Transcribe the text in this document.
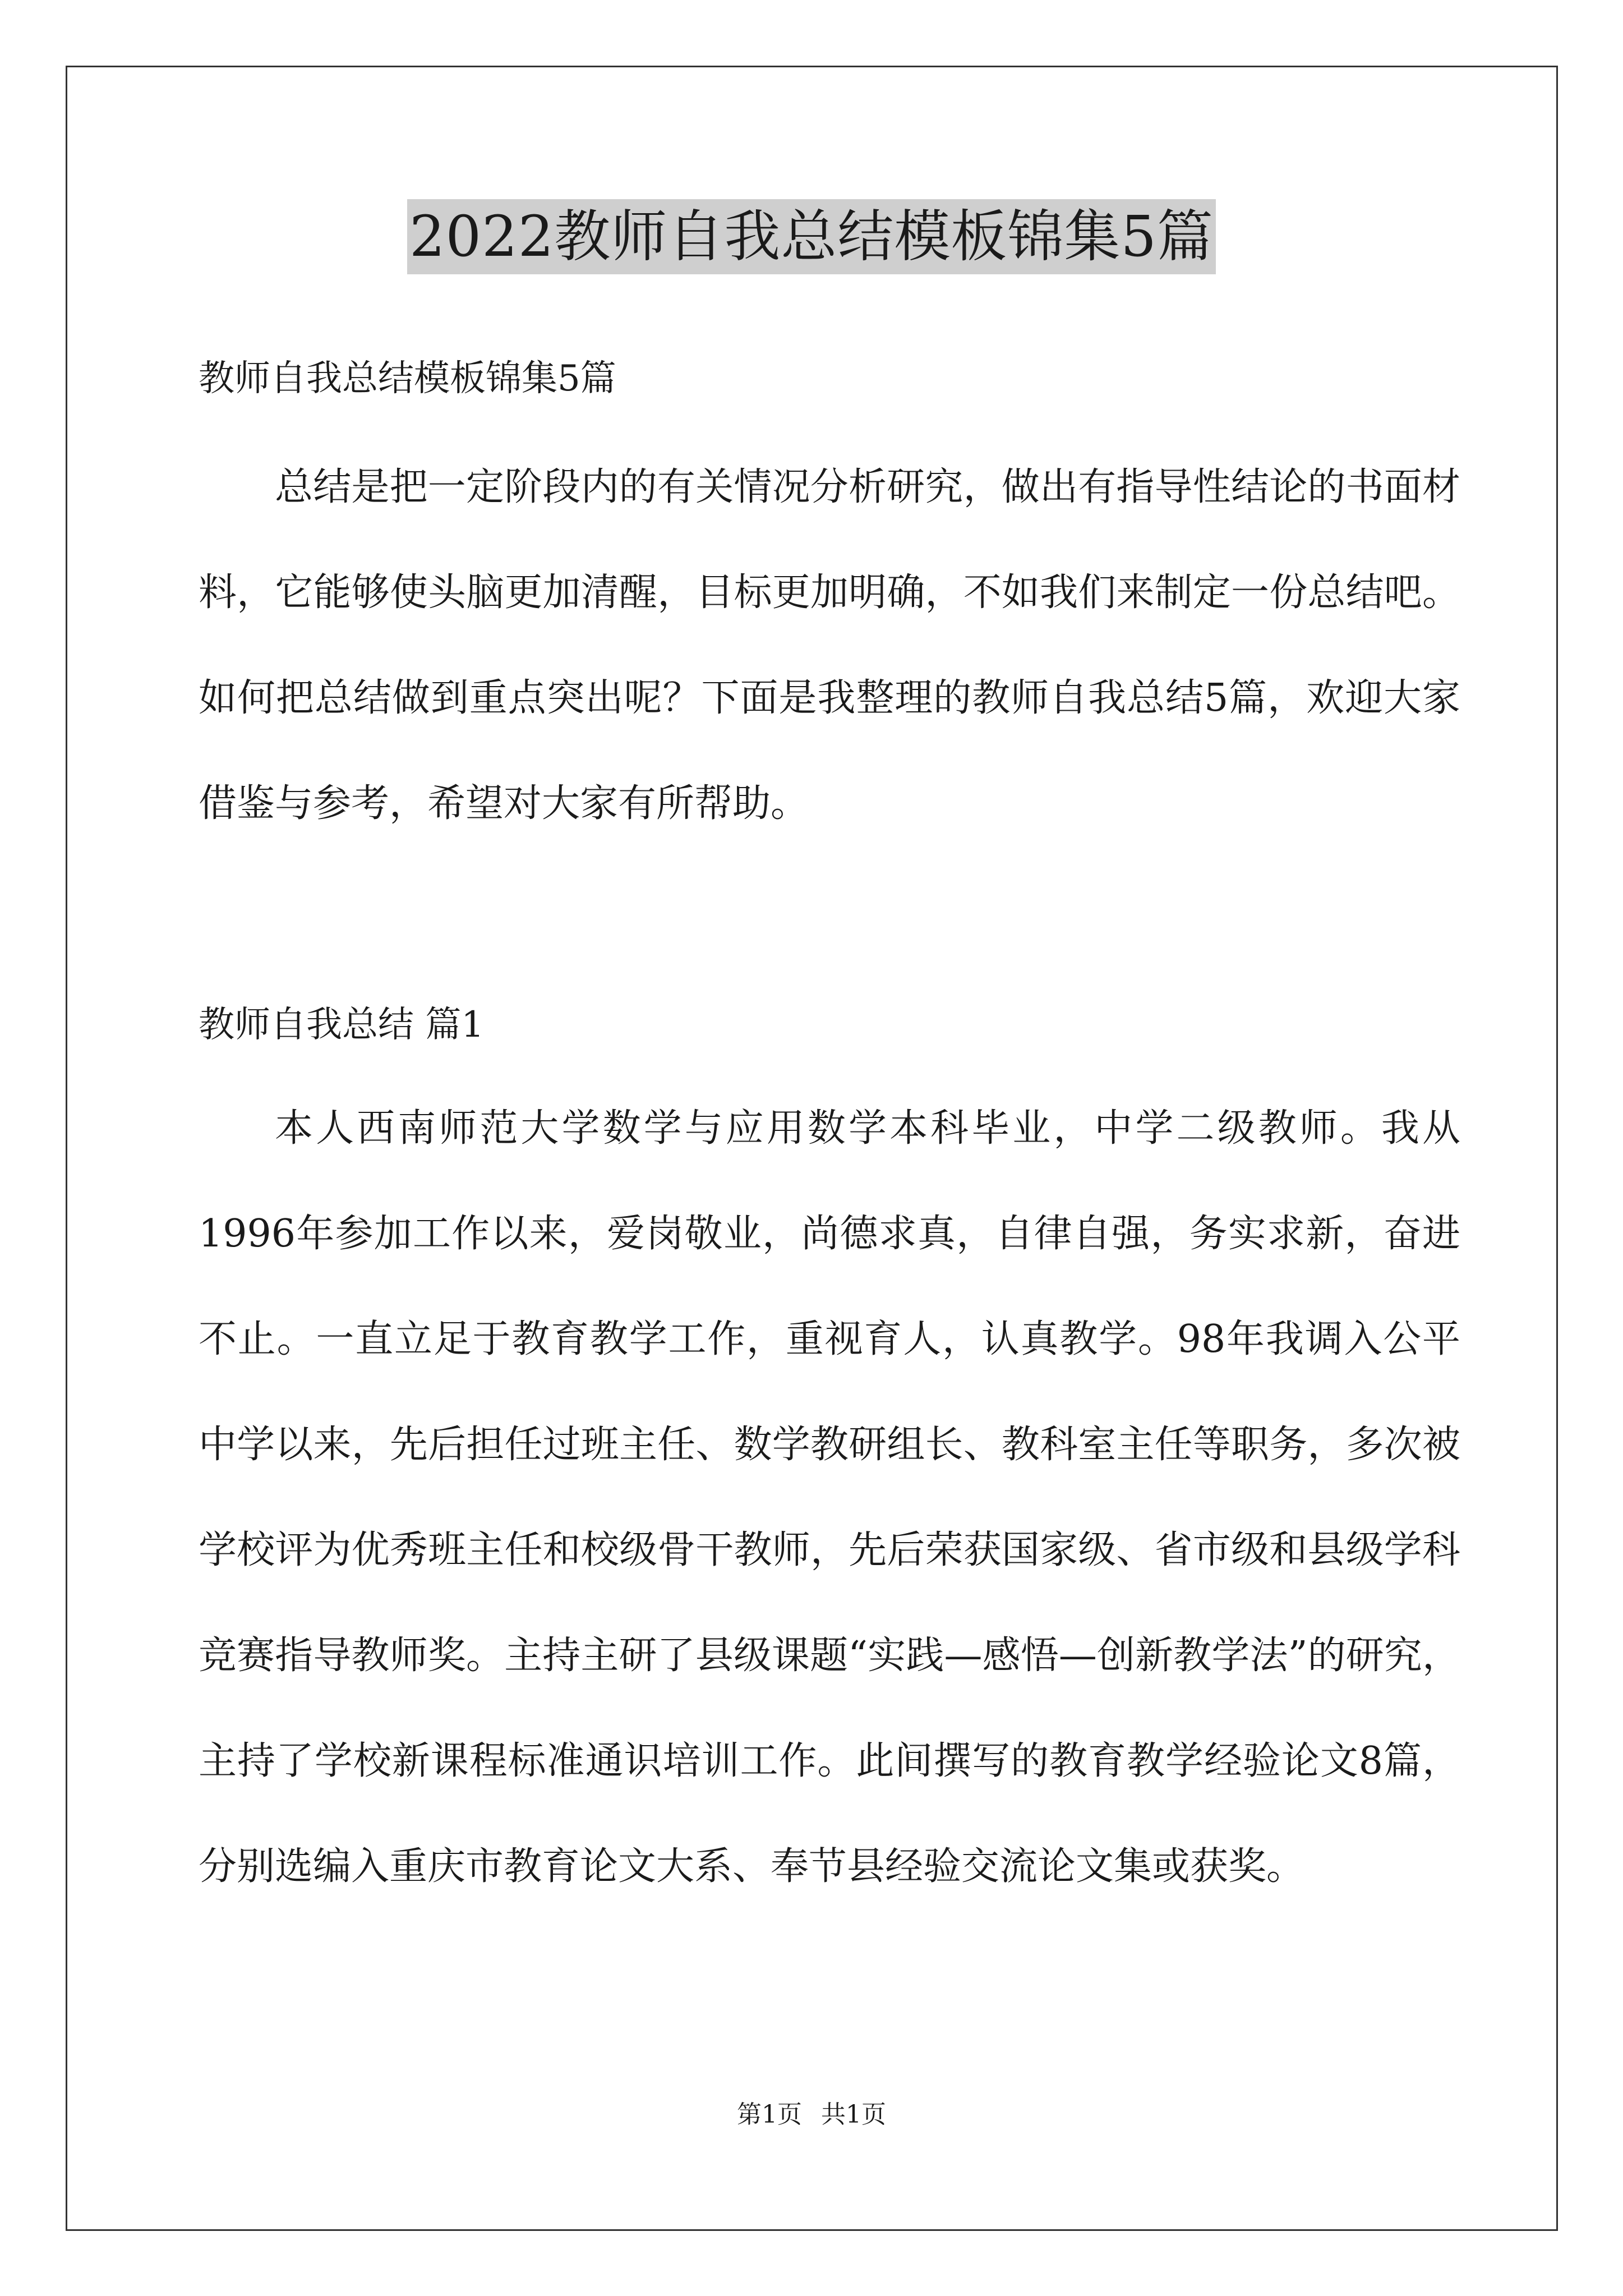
2022教师自我总结模板锦集5篇
教师自我总结模板锦集5篇

总结是把一定阶段内的有关情况分析研究，做出有指导性结论的书面材料，它能够使头脑更加清醒，目标更加明确，不如我们来制定一份总结吧。如何把总结做到重点突出呢？下面是我整理的教师自我总结5篇，欢迎大家借鉴与参考，希望对大家有所帮助。

教师自我总结 篇1

本人西南师范大学数学与应用数学本科毕业，中学二级教师。我从1996年参加工作以来，爱岗敬业，尚德求真，自律自强，务实求新，奋进不止。一直立足于教育教学工作，重视育人，认真教学。98年我调入公平中学以来，先后担任过班主任、数学教研组长、教科室主任等职务，多次被学校评为优秀班主任和校级骨干教师，先后荣获国家级、省市级和县级学科竞赛指导教师奖。主持主研了县级课题“实践—感悟—创新教学法”的研究，主持了学校新课程标准通识培训工作。此间撰写的教育教学经验论文8篇，分别选编入重庆市教育论文大系、奉节县经验交流论文集或获奖。

第1页 共1页
